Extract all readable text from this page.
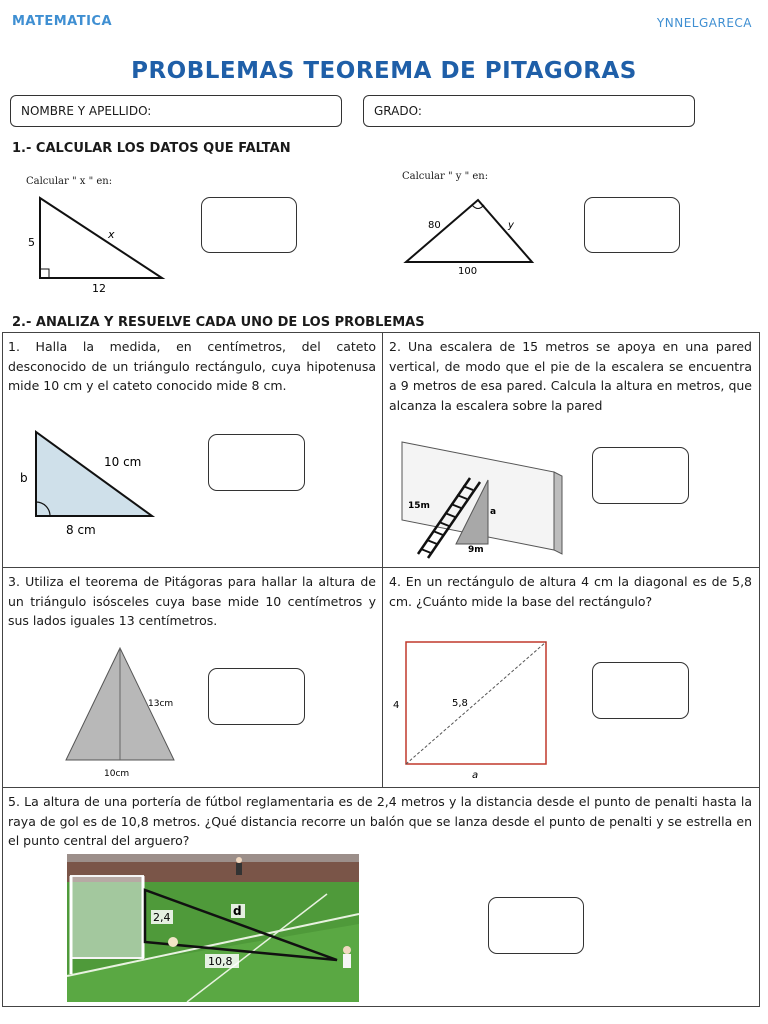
MATEMATICA	YNNELGARECA
PROBLEMAS TEOREMA DE PITAGORAS
NOMBRE Y APELLIDO:	GRADO:
1.- CALCULAR LOS DATOS QUE FALTAN
Calcular " x " en:
5
12
x
Calcular " y " en:
80	y
100
2.- ANALIZA Y RESUELVE CADA UNO DE LOS PROBLEMAS
1. Halla la medida, en centímetros, del cateto desconocido de un triángulo rectángulo, cuya hipotenusa mide 10 cm y el cateto conocido mide 8 cm.
b
10 cm
8 cm
2. Una escalera de 15 metros se apoya en una pared vertical, de modo que el pie de la escalera se encuentra a 9 metros de esa pared. Calcula la altura en metros, que alcanza la escalera sobre la pared
15m
a
9m
3. Utiliza el teorema de Pitágoras para hallar la altura de un triángulo isósceles cuya base mide 10 centímetros y sus lados iguales 13 centímetros.
13cm
10cm
4. En un rectángulo de altura 4 cm la diagonal es de 5,8 cm. ¿Cuánto mide la base del rectángulo?
4	5,8
a
5. La altura de una portería de fútbol reglamentaria es de 2,4 metros y la distancia desde el punto de penalti hasta la raya de gol es de 10,8 metros. ¿Qué distancia recorre un balón que se lanza desde el punto de penalti y se estrella en el punto central del arguero?
2,4	d
10,8
